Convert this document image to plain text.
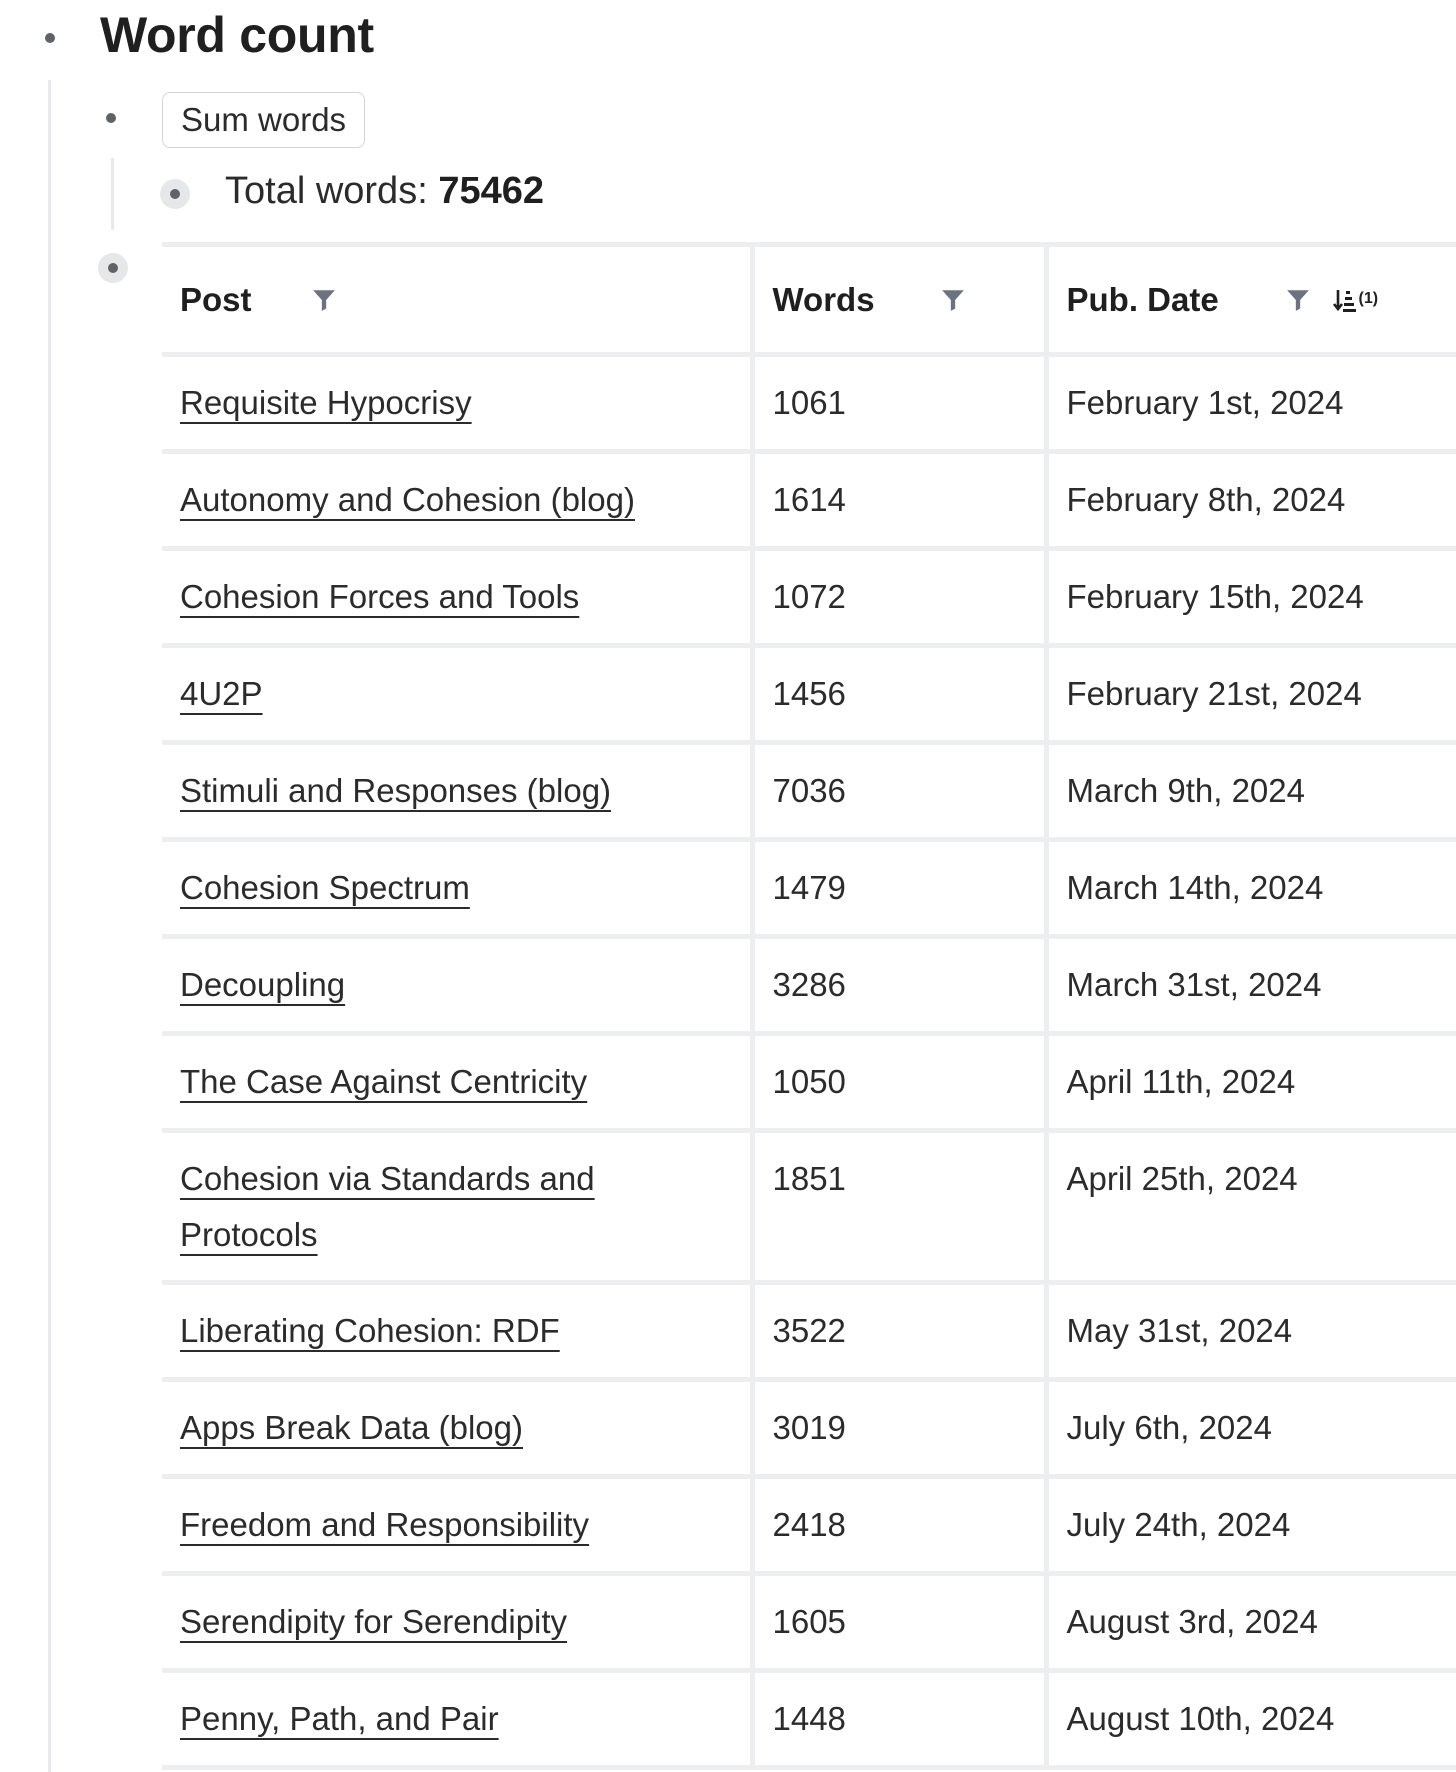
Word count
Sum words
Total words: 75462
Post	Words	Pub. Date (1)

Requisite Hypocrisy	1061	February 1st, 2024
Autonomy and Cohesion (blog)	1614	February 8th, 2024
Cohesion Forces and Tools	1072	February 15th, 2024
4U2P	1456	February 21st, 2024
Stimuli and Responses (blog)	7036	March 9th, 2024
Cohesion Spectrum	1479	March 14th, 2024
Decoupling	3286	March 31st, 2024
The Case Against Centricity	1050	April 11th, 2024
Cohesion via Standards and Protocols	1851	April 25th, 2024
Liberating Cohesion: RDF	3522	May 31st, 2024
Apps Break Data (blog)	3019	July 6th, 2024
Freedom and Responsibility	2418	July 24th, 2024
Serendipity for Serendipity	1605	August 3rd, 2024
Penny, Path, and Pair	1448	August 10th, 2024
